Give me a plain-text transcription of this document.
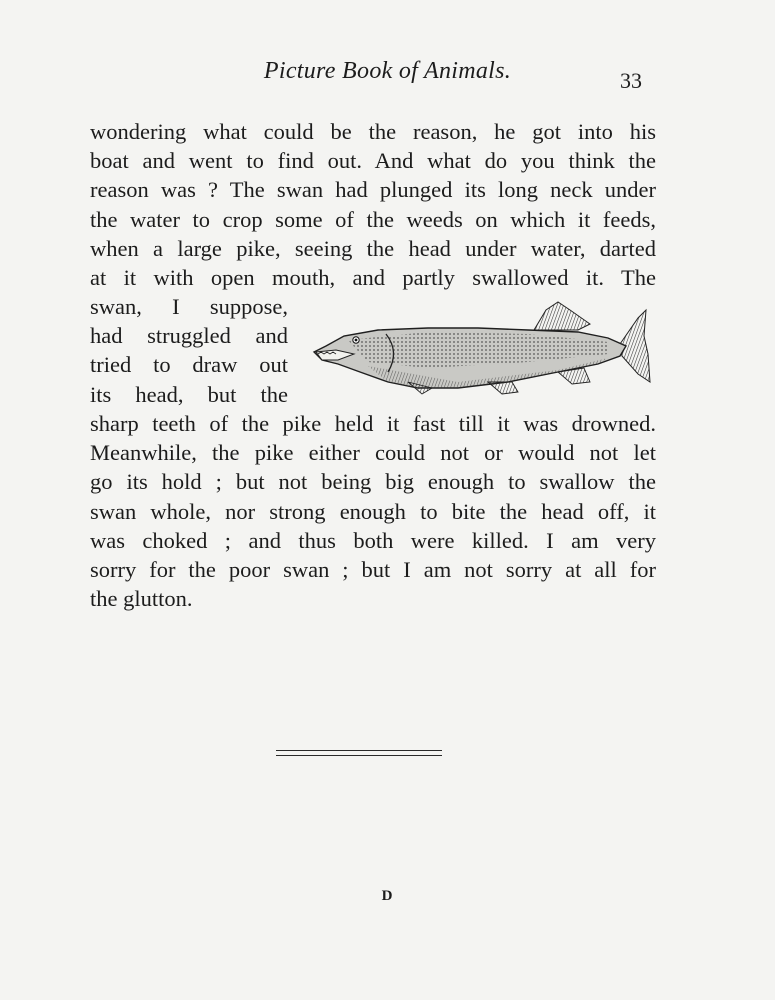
Picture Book of Animals.	33
wondering what could be the reason, he got into his
boat and went to find out. And what do you think the
reason was ? The swan had plunged its long neck under
the water to crop some of the weeds on which it feeds,
when a large pike, seeing the head under water, darted
at it with open mouth, and partly swallowed it. The
swan, I suppose,
had struggled and
tried to draw out
its head, but the
sharp teeth of the pike held it fast till it was drowned.
Meanwhile, the pike either could not or would not let
go its hold ; but not being big enough to swallow the
swan whole, nor strong enough to bite the head off, it
was choked ; and thus both were killed. I am very
sorry for the poor swan ; but I am not sorry at all for
the glutton.
D
